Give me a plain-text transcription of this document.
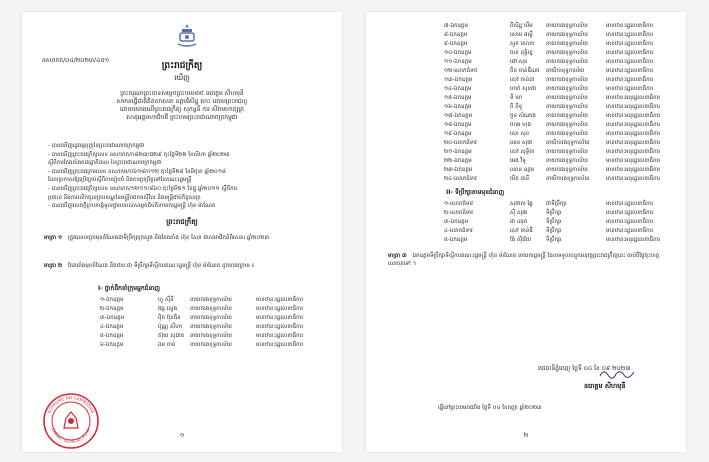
នស/រកត/០៤/២០២៣/៤០១
ព្រះរាជក្រឹត្យ
ឃើញ
ព្រះករុណាព្រះបាទសម្ដេចព្រះបរមនាថ នរោត្តម សីហមុនី
សមានធ្វើជាតិគិតសាសនា ឧត្តមវិសិដ្ឋ ហេះ ដោយព្រះរាជហ្ញ
ដោយយោងលើព្រះរាជក្រឹត្យ សុភទ្ធនី ការ សីវាមហាក្សត្រ
ហេតុអគ្គមហាធិបតី ព្រះហមព្រះរាជាណាចក្រកម្ពុជា
- បានឃើញរដ្ឋធម្មនុញ្ញនៃព្រះរាជាណាចក្រកម្ពុជា
- បានឃើញព្រះរាជក្រឹត្យលេខ នស/រកត/០៨២៣/៧២៩ ចុះថ្ងៃទី២២ ខែសីហា ឆ្នាំ២០២៣
ស្ដីពីការតែងតាំងរាជរដ្ឋាភិបាល នៃព្រះរាជាណាចក្រកម្ពុជា
- បានឃើញព្រះរាជក្រមលេខ នស/រកម/០៦១៨/០១២ ចុះថ្ងៃទី២៨ ខែមិថុនា ឆ្នាំ២០១៨
ដែលប្រកាសឱ្យប្រើច្បាប់ស្ដីពីការរៀបចំ និងការប្រព្រឹត្តទៅនៃគណៈរដ្ឋមន្ត្រី
- បានឃើញព្រះរាជក្រឹត្យលេខ នស/រកត/១២១១/៨៦០ ចុះថ្ងៃទី២១ ខែធ្នូ ឆ្នាំ២០១១ ស្ដីពីការ
ប្រគល់ និងការលើកចូលក្របខណ្ឌនៃមន្ត្រីរាជការស៊ីវិល និងមន្ត្រីជាប់កិច្ចសន្យា
- បានឃើញសេចក្តីក្រាបបង្គំទូលថ្វាយរបស់សម្ដេចធិបតីនាយករដ្ឋមន្ត្រី ហ៊ុន ម៉ាណែត
ព្រះរាជក្រឹត្យ
មាត្រា ១ ត្រូវបានបញ្ចប់មុខតំណែងជាទីប្រឹក្សាក្រសួង និងតែងតាំង ហ៊ុន សែន ជាសមាជិកដ៏ពិសេស ឆ្នាំ២០២៣
មាត្រា ២ តែងតាំងមុខតំណែង និងឋានៈជា ទីប្រឹក្សាទីស្តីការគណៈរដ្ឋមន្ត្រី ហ៊ុន ម៉ាណែត ដូចខាងក្រោម ៖
I- ថ្នាក់ដឹកនាំក្រុមអ្នកជំនាញ
១-ឯកឧត្តម	ហួ ស៊ីនី	នាយករងខុទ្ទកាល័យ	មានឋានៈរដ្ឋលេខាធិការ
២-ឯកឧត្តម	វង្ស ស្វេង	នាយករងខុទ្ទកាល័យ	មានឋានៈរដ្ឋលេខាធិការ
៣-ឯកឧត្តម	ប៉ិច ប៊ុនធិន	នាយករងខុទ្ទកាល័យ	មានឋានៈរដ្ឋលេខាធិការ
៤-ឯកឧត្តម	ប៉ុណ្ណ សីហា	នាយករងខុទ្ទកាល័យ	មានឋានៈរដ្ឋលេខាធិការ
៥-ឯកឧត្តម	ស៊ុយ សុជាត	នាយករងខុទ្ទកាល័យ	មានឋានៈរដ្ឋលេខាធិការ
៦-ឯកឧត្តម	ឯម ចាន់	នាយករងខុទ្ទកាល័យ	មានឋានៈរដ្ឋលេខាធិការ
ROYAUME DU CAMBODGE
CABINET DU PALAIS ROYAL
១
៧-ឯកឧត្តម	ពិសិដ្ឋ ឃីម	នាយករងខុទ្ទកាល័យ	មានឋានៈរដ្ឋលេខាធិការ
៨-ឯកឧត្តម	សោម ផល្លី	នាយករងខុទ្ទកាល័យ	មានឋានៈរដ្ឋលេខាធិការ
៩-ឯកឧត្តម	សួត សោភា	នាយករងខុទ្ទកាល័យ	មានឋានៈរដ្ឋលេខាធិការ
១០-ឯកឧត្តម	ចាន់ ពុទ្ធិរត្ន	នាយករងខុទ្ទកាល័យ	មានឋានៈរដ្ឋលេខាធិការ
១១-ឯកឧត្តម	ផៅ សុខ	នាយករងខុទ្ទកាល័យ	មានឋានៈរដ្ឋលេខាធិការ
១២-លោកជំទាវ	ចិន ចាន់ឌីណា	នាយិកាខុទ្ទកាល័យ	មានឋានៈរដ្ឋលេខាធិការ
១៣-ឯកឧត្តម	សៅ ចាន់ដា	នាយករងខុទ្ទកាល័យ	មានឋានៈរដ្ឋលេខាធិការ
១៤-ឯកឧត្តម	ហាក់ សុខជា	នាយករងខុទ្ទកាល័យ	មានឋានៈរដ្ឋលេខាធិការ
១៥-ឯកឧត្តម	ទី ឃា	នាយករងខុទ្ទកាល័យ	មានឋានៈអនុរដ្ឋលេខាធិការ
១៦-ឯកឧត្តម	ពិ ពិទូ	នាយករងខុទ្ទកាល័យ	មានឋានៈអនុរដ្ឋលេខាធិការ
១៧-ឯកឧត្តម	ចួន សំណាង	នាយករងខុទ្ទកាល័យ	មានឋានៈអនុរដ្ឋលេខាធិការ
១៨-ឯកឧត្តម	ហេង ហុង	នាយករងខុទ្ទកាល័យ	មានឋានៈអនុរដ្ឋលេខាធិការ
១៩-ឯកឧត្តម	សោ សុខ	នាយករងខុទ្ទកាល័យ	មានឋានៈអនុរដ្ឋលេខាធិការ
២០-លោកជំទាវ	ឈន សុផា	នាយិការងខុទ្ទកាល័យ	មានឋានៈអនុរដ្ឋលេខាធិការ
២១-ឯកឧត្តម	សៅ សុទ្ធិតា	នាយករងខុទ្ទកាល័យ	មានឋានៈអនុរដ្ឋលេខាធិការ
២២-ឯកឧត្តម	អេង វិទូ	នាយករងខុទ្ទកាល័យ	មានឋានៈអនុរដ្ឋលេខាធិការ
២៣-ឯកឧត្តម	ឈាន ឧត្តម	នាយករងខុទ្ទកាល័យ	មានឋានៈអនុរដ្ឋលេខាធិការ
២៤-លោកជំទាវ	យិត បានី	នាយិការងខុទ្ទកាល័យ	មានឋានៈអនុរដ្ឋលេខាធិការ
II- ទីប្រឹក្សាតាមមុខជំនាញ
១-លោកជំទាវ	សុជាតា ឆ្វៃ	ជាទីប្រឹក្សា	មានឋានៈរដ្ឋលេខាធិការ
២-លោកជំទាវ	ស៊ឺ សុផា	ទីប្រឹក្សា	មានឋានៈរដ្ឋលេខាធិការ
៣-ឯកឧត្តម	ជា ឈុត	ទីប្រឹក្សា	មានឋានៈរដ្ឋលេខាធិការ
៤-លោកជំទាវ	សៅ ចាន់ឌី	ទីប្រឹក្សា	មានឋានៈរដ្ឋលេខាធិការ
៥-ឯកឧត្តម	ង៉ែ ស៊ីជ័យ	ទីប្រឹក្សា	មានឋានៈអនុរដ្ឋលេខាធិការ
មាត្រា ៣ ឯកឧត្តមទីប្រឹក្សាទីស្តីការគណៈរដ្ឋមន្ត្រី ហ៊ុន ម៉ាណែត នាយករដ្ឋមន្ត្រី ដែលទទួលបន្ទុកអនុវត្តព្រះរាជក្រឹត្យនេះ ចាប់ពីថ្ងៃចុះហត្ថលេខាតទៅ ។
រាជធានីភ្នំពេញ ថ្ងៃទី ០៤ ខែ ០៩ ២០២៣
នរោត្តម សីហមុនី
ធ្វើនៅព្រះបរមរាជវាំង ថ្ងៃទី ០៤ ខែកញ្ញា ឆ្នាំ២០២៣
២
